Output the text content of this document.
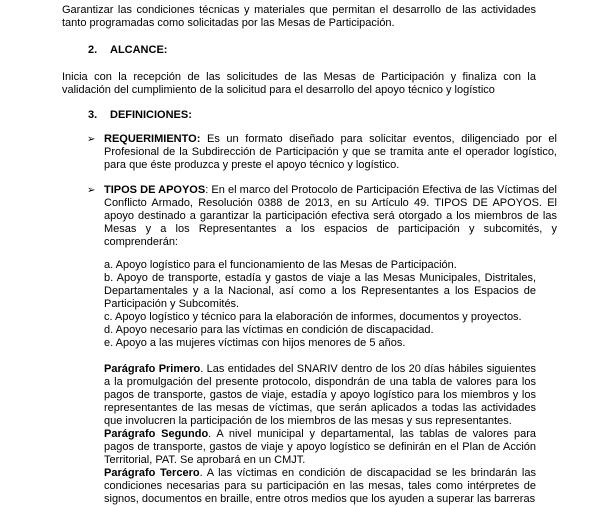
Garantizar las condiciones técnicas y materiales que permitan el desarrollo de las actividades tanto programadas como solicitadas por las Mesas de Participación.

2. ALCANCE:

Inicia con la recepción de las solicitudes de las Mesas de Participación y finaliza con la validación del cumplimiento de la solicitud para el desarrollo del apoyo técnico y logístico

3. DEFINICIONES:

➢ REQUERIMIENTO: Es un formato diseñado para solicitar eventos, diligenciado por el Profesional de la Subdirección de Participación y que se tramita ante el operador logístico, para que éste produzca y preste el apoyo técnico y logístico.

➢ TIPOS DE APOYOS: En el marco del Protocolo de Participación Efectiva de las Víctimas del Conflicto Armado, Resolución 0388 de 2013, en su Artículo 49. TIPOS DE APOYOS. El apoyo destinado a garantizar la participación efectiva será otorgado a los miembros de las Mesas y a los Representantes a los espacios de participación y subcomités, y comprenderán:

a. Apoyo logístico para el funcionamiento de las Mesas de Participación.

b. Apoyo de transporte, estadía y gastos de viaje a las Mesas Municipales, Distritales, Departamentales y a la Nacional, así como a los Representantes a los Espacios de Participación y Subcomités.

c. Apoyo logístico y técnico para la elaboración de informes, documentos y proyectos.

d. Apoyo necesario para las víctimas en condición de discapacidad.

e. Apoyo a las mujeres víctimas con hijos menores de 5 años.

Parágrafo Primero. Las entidades del SNARIV dentro de los 20 días hábiles siguientes a la promulgación del presente protocolo, dispondrán de una tabla de valores para los pagos de transporte, gastos de viaje, estadía y apoyo logístico para los miembros y los representantes de las mesas de víctimas, que serán aplicados a todas las actividades que involucren la participación de los miembros de las mesas y sus representantes.

Parágrafo Segundo. A nivel municipal y departamental, las tablas de valores para pagos de transporte, gastos de viaje y apoyo logístico se definirán en el Plan de Acción Territorial, PAT. Se aprobará en un CMJT.

Parágrafo Tercero. A las víctimas en condición de discapacidad se les brindarán las condiciones necesarias para su participación en las mesas, tales como intérpretes de signos, documentos en braille, entre otros medios que los ayuden a superar las barreras
